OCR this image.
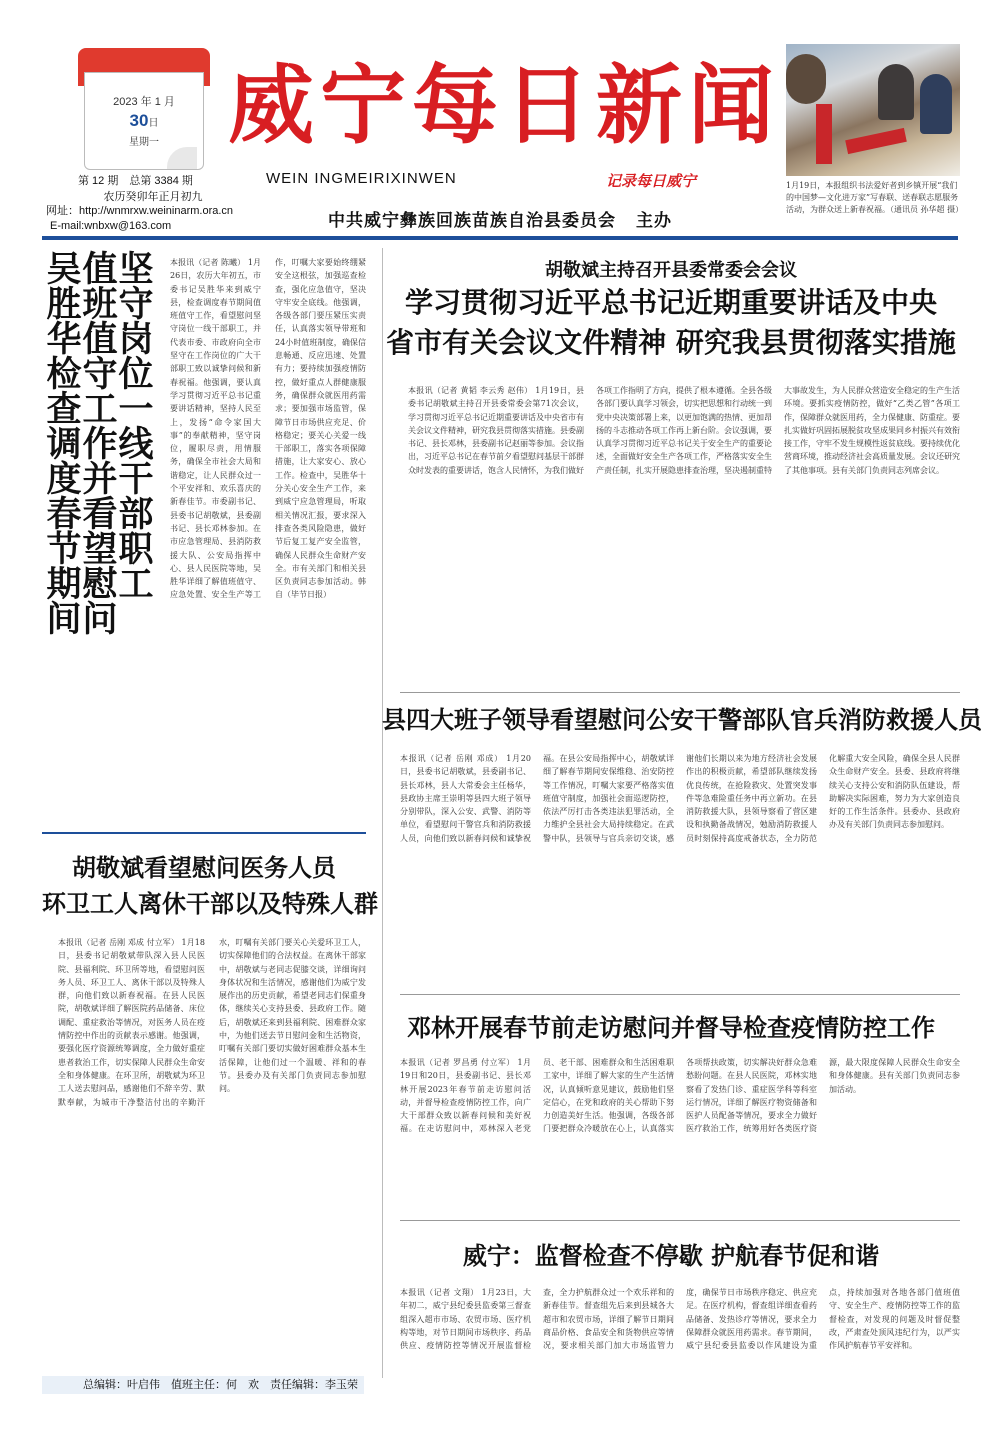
2023 年 1 月
30日
星期一
第 12 期　总第 3384 期
农历癸卯年正月初九
网址：http://wnmrxw.weininarm.ora.cn
E-mail:wnbxw@163.com
威宁每日新闻
WEIN INGMEIRIXINWEN	记录每日威宁
中共威宁彝族回族苗族自治县委员会 主办
1月19日，本报组织书法爱好者到乡镇开展“我们的中国梦—文化进万家”写春联、送春联志愿服务活动，为群众送上新春祝福。（通讯员 孙华超 摄）
坚
守
岗
位
一
线
干
部
职
工
值
班
值
守
工
作
并
看
望
慰
问
吴
胜
华
检
查
调
度
春
节
期
间
本报讯（记者 陈曦） 1月26日，农历大年初五，市委书记吴胜华来到威宁县，检查调度春节期间值班值守工作，看望慰问坚守岗位一线干部职工，并代表市委、市政府向全市坚守在工作岗位的广大干部职工致以诚挚问候和新春祝福。他强调，要认真学习贯彻习近平总书记重要讲话精神，坚持人民至上，发扬“命令家国大事”的奉献精神，坚守岗位，履职尽责，用情服务，确保全市社会大局和谐稳定，让人民群众过一个平安祥和、欢乐喜庆的新春佳节。市委副书记、县委书记胡敬斌，县委副书记、县长邓林参加。在市应急管理局、县消防救援大队、公安局指挥中心、县人民医院等地，吴胜华详细了解值班值守、应急处置、安全生产等工作，叮嘱大家要始终绷紧安全这根弦，加强巡查检查，强化应急值守，坚决守牢安全底线。他强调，各级各部门要压紧压实责任，认真落实领导带班和24小时值班制度，确保信息畅通、反应迅速、处置有力；要持续加强疫情防控，做好重点人群健康服务，确保群众就医用药需求；要加强市场监管，保障节日市场供应充足、价格稳定；要关心关爱一线干部职工，落实各项保障措施，让大家安心、放心工作。检查中，吴胜华十分关心安全生产工作，来到威宁应急管理局，听取相关情况汇报，要求深入排查各类风险隐患，做好节后复工复产安全监管，确保人民群众生命财产安全。市有关部门和相关县区负责同志参加活动。韩自（毕节日报）
胡敬斌主持召开县委常委会会议
学习贯彻习近平总书记近期重要讲话及中央
省市有关会议文件精神 研究我县贯彻落实措施
本报讯（记者 黄韬 李云秀 赵伟） 1月19日，县委书记胡敬斌主持召开县委常委会第71次会议，学习贯彻习近平总书记近期重要讲话及中央省市有关会议文件精神，研究我县贯彻落实措施。县委副书记、县长邓林，县委副书记赵丽等参加。会议指出，习近平总书记在春节前夕看望慰问基层干部群众时发表的重要讲话，饱含人民情怀，为我们做好各项工作指明了方向，提供了根本遵循。全县各级各部门要认真学习领会，切实把思想和行动统一到党中央决策部署上来，以更加饱满的热情、更加昂扬的斗志推动各项工作再上新台阶。会议强调，要认真学习贯彻习近平总书记关于安全生产的重要论述，全面做好安全生产各项工作，严格落实安全生产责任制，扎实开展隐患排查治理，坚决遏制重特大事故发生，为人民群众营造安全稳定的生产生活环境。要抓实疫情防控，做好“乙类乙管”各项工作，保障群众就医用药，全力保健康、防重症。要扎实做好巩固拓展脱贫攻坚成果同乡村振兴有效衔接工作，守牢不发生规模性返贫底线。要持续优化营商环境，推动经济社会高质量发展。会议还研究了其他事项。县有关部门负责同志列席会议。
县四大班子领导看望慰问公安干警部队官兵消防救援人员
本报讯（记者 岳刚 邓成） 1月20日，县委书记胡敬斌，县委副书记、县长邓林，县人大常委会主任杨华，县政协主席王崇明等县四大班子领导分别带队，深入公安、武警、消防等单位，看望慰问干警官兵和消防救援人员，向他们致以新春问候和诚挚祝福。在县公安局指挥中心，胡敬斌详细了解春节期间安保维稳、治安防控等工作情况，叮嘱大家要严格落实值班值守制度，加强社会面巡逻防控，依法严厉打击各类违法犯罪活动，全力维护全县社会大局持续稳定。在武警中队，县领导与官兵亲切交谈，感谢他们长期以来为地方经济社会发展作出的积极贡献，希望部队继续发扬优良传统，在抢险救灾、处置突发事件等急难险重任务中再立新功。在县消防救援大队，县领导察看了营区建设和执勤备战情况，勉励消防救援人员时刻保持高度戒备状态，全力防范化解重大安全风险，确保全县人民群众生命财产安全。县委、县政府将继续关心支持公安和消防队伍建设，帮助解决实际困难，努力为大家创造良好的工作生活条件。县委办、县政府办及有关部门负责同志参加慰问。
胡敬斌看望慰问医务人员
环卫工人离休干部以及特殊人群
本报讯（记者 岳刚 邓成 付立军） 1月18日，县委书记胡敬斌带队深入县人民医院、县福利院、环卫所等地，看望慰问医务人员、环卫工人、离休干部以及特殊人群，向他们致以新春祝福。在县人民医院，胡敬斌详细了解医院药品储备、床位调配、重症救治等情况，对医务人员在疫情防控中作出的贡献表示感谢。他强调，要强化医疗资源统筹调度，全力做好重症患者救治工作，切实保障人民群众生命安全和身体健康。在环卫所，胡敬斌为环卫工人送去慰问品，感谢他们不辞辛劳、默默奉献，为城市干净整洁付出的辛勤汗水，叮嘱有关部门要关心关爱环卫工人，切实保障他们的合法权益。在离休干部家中，胡敬斌与老同志促膝交谈，详细询问身体状况和生活情况，感谢他们为威宁发展作出的历史贡献，希望老同志们保重身体，继续关心支持县委、县政府工作。随后，胡敬斌还来到县福利院、困难群众家中，为他们送去节日慰问金和生活物资，叮嘱有关部门要切实做好困难群众基本生活保障，让他们过一个温暖、祥和的春节。县委办及有关部门负责同志参加慰问。
总编辑：叶启伟　值班主任：何　欢　责任编辑：李玉荣
邓林开展春节前走访慰问并督导检查疫情防控工作
本报讯（记者 罗昌勇 付立军） 1月19日和20日，县委副书记、县长邓林开展2023年春节前走访慰问活动，并督导检查疫情防控工作，向广大干部群众致以新春问候和美好祝福。在走访慰问中，邓林深入老党员、老干部、困难群众和生活困难职工家中，详细了解大家的生产生活情况，认真倾听意见建议，鼓励他们坚定信心，在党和政府的关心帮助下努力创造美好生活。他强调，各级各部门要把群众冷暖放在心上，认真落实各项帮扶政策，切实解决好群众急难愁盼问题。在县人民医院，邓林实地察看了发热门诊、重症医学科等科室运行情况，详细了解医疗物资储备和医护人员配备等情况，要求全力做好医疗救治工作，统筹用好各类医疗资源，最大限度保障人民群众生命安全和身体健康。县有关部门负责同志参加活动。
威宁：监督检查不停歇 护航春节促和谐
本报讯（记者 文翔） 1月23日，大年初二，威宁县纪委县监委第三督查组深入超市市场、农贸市场、医疗机构等地，对节日期间市场秩序、药品供应、疫情防控等情况开展监督检查，全力护航群众过一个欢乐祥和的新春佳节。督查组先后来到县城各大超市和农贸市场，详细了解节日期间商品价格、食品安全和货物供应等情况，要求相关部门加大市场监管力度，确保节日市场秩序稳定、供应充足。在医疗机构，督查组详细查看药品储备、发热诊疗等情况，要求全力保障群众就医用药需求。春节期间，威宁县纪委县监委以作风建设为重点，持续加强对各地各部门值班值守、安全生产、疫情防控等工作的监督检查，对发现的问题及时督促整改，严肃查处顶风违纪行为，以严实作风护航春节平安祥和。
